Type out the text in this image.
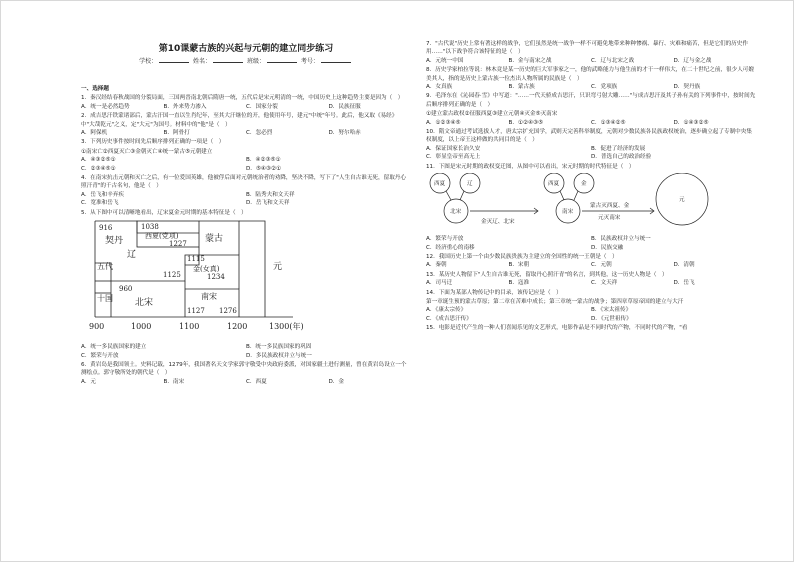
第10课蒙古族的兴起与元朝的建立同步练习
学校：	姓名：	班级：	考号：
一、选择题
1．秦汉经结春秋战国的分裂局面，三国两晋南北朝后隋唐一统，五代后是宋元明清的一统，中国历史上这种趋势主要是因为（　）
A．统一是必然趋势	B．外来势力渗入	C．国家分裂	D．民族征服
2．成吉思汗铁蒙诸部后，蒙古汗国一直以生肖纪年，至其大汗继位的开，他使用年号，建元"中统"年号。此后，他又取《易经》中"大哉乾元"之义，定"大元"为国号。材料中的"他"是（　）
A．阿保机	B．阿骨打	C．忽必烈	D．努尔哈赤
3．下列历史事件按时间先后顺序排列正确的一项是（　）
①南宋亡②西夏灭亡③金朝灭亡④统一蒙古⑤元朝建立
A．④③②⑤①	B．④②③⑤①
C．②③④⑤①	D．⑤④③②①
4．在南宋抗击元朝和灭亡之后，有一位爱国英雄，他被俘后面对元朝统治者的劝降，坚决不降，写下了"人生自古谁无死，留取丹心照汗青"的千古名句，他是（　）
A．岳飞和辛弃疾	B．陆秀夫和文天祥
C．宽准和岳飞	D．岳飞和文天祥
5．从下图中可以清晰地看出，辽宋夏金元时期的基本特征是（　）
916	1038
西夏(党项)
1227
契丹	蒙古
辽	1115
金(女真)
1125	1234
五代
960
十国 北宋
南宋
1127 1276
元
900	1000	1100	1200	1300(年)
A．统一多民族国家的建立	B．统一多民族国家的巩固
C．繁荣与开放	D．多民族政权并立与统一
6．黄岩岛是我国领土。史料记载，1279年，我国著名天文学家郭守敬受中央政府委派，对国家疆土进行测量，曾在黄岩岛设立一个测绘点。郭守敬所处的朝代是（　）
A．元	B．南宋	C．西夏	D．金
7．"古代说"历史上常有著这样的战争，它们虽然是统一战争一样不可避免地带来种种惨祸、暴行、灾难和痛苦，但是它们的历史作用……"以下战争符合该特征的是（　）
A．元统一中国	B．金与南宋之战	C．辽与北宋之战	D．辽与金之战
8．历史学家柏拉等说：林木竟是某一历史的巨大军事家之一，他的武略能力与他生前的才干一样伟大，在二十世纪之前，很少人可媲美其人，指的是历史上蒙古族一位杰出人物所属的民族是（　）
A．女真族	B．蒙古族	C．党项族	D．契丹族
9．毛泽东在《沁园春·雪》中写道："……一代天骄成吉思汗，只识弯弓射大雕……"与成吉思汗及其子孙有关的下列事件中，按时间先后顺序排列正确的是（　）
①建立蒙古政权②征服西夏③建立元朝④灭金⑤灭南宋
A．①②③④⑤	B．①②④③⑤	C．①③④②⑤	D．①④③②⑤
10．隋文帝通过考试选拔人才，唐太宗扩充国学，武则天完善科举制度，元朝对少数民族各民族政权统治，逐步确立起了专制中央集权制度，以上帝王这样做的共同目的是（　）
A．保证国家长治久安	B．促进了经济的发展
C．彰显皇帝至高无上	D．普选自己的政治经验
11．下图是宋元时期的政权变迁图，从图中可以看出，宋元时期的时代特征是（　）
西夏	辽
北宋
金灭辽、北宋
西夏	金
南宋
蒙古灭西夏、金
元灭南宋
元
A．繁荣与开放	B．民族政权并立与统一
C．经济重心的南移	D．民族交融
12．我国历史上第一个由少数民族贵族为主建立的全国性的统一王朝是（　）
A．秦朝	B．宋朝	C．元朝	D．清朝
13．某历史人物留下"人生自古谁无死，留取丹心照汗青"的名言，到其他，这一历史人物是（　）
A．司马迁	B．寇准	C．文天祥	D．岳飞
14．下面为某部人物传记中的目录，该传记应是（　）
第一章诞生预的蒙古草原；第二章在苦难中成长；第三章统一蒙古的战争；第四章草原帝国的建立与大汗
A．《康太宗传》	B．《宋太祖传》
C．《成吉思汗传》	D．《元世祖传》
15．电影是近代产生的一种人们喜闻乐见的文艺形式，电影作品是不同时代的产物，不同时代的产物，"看
